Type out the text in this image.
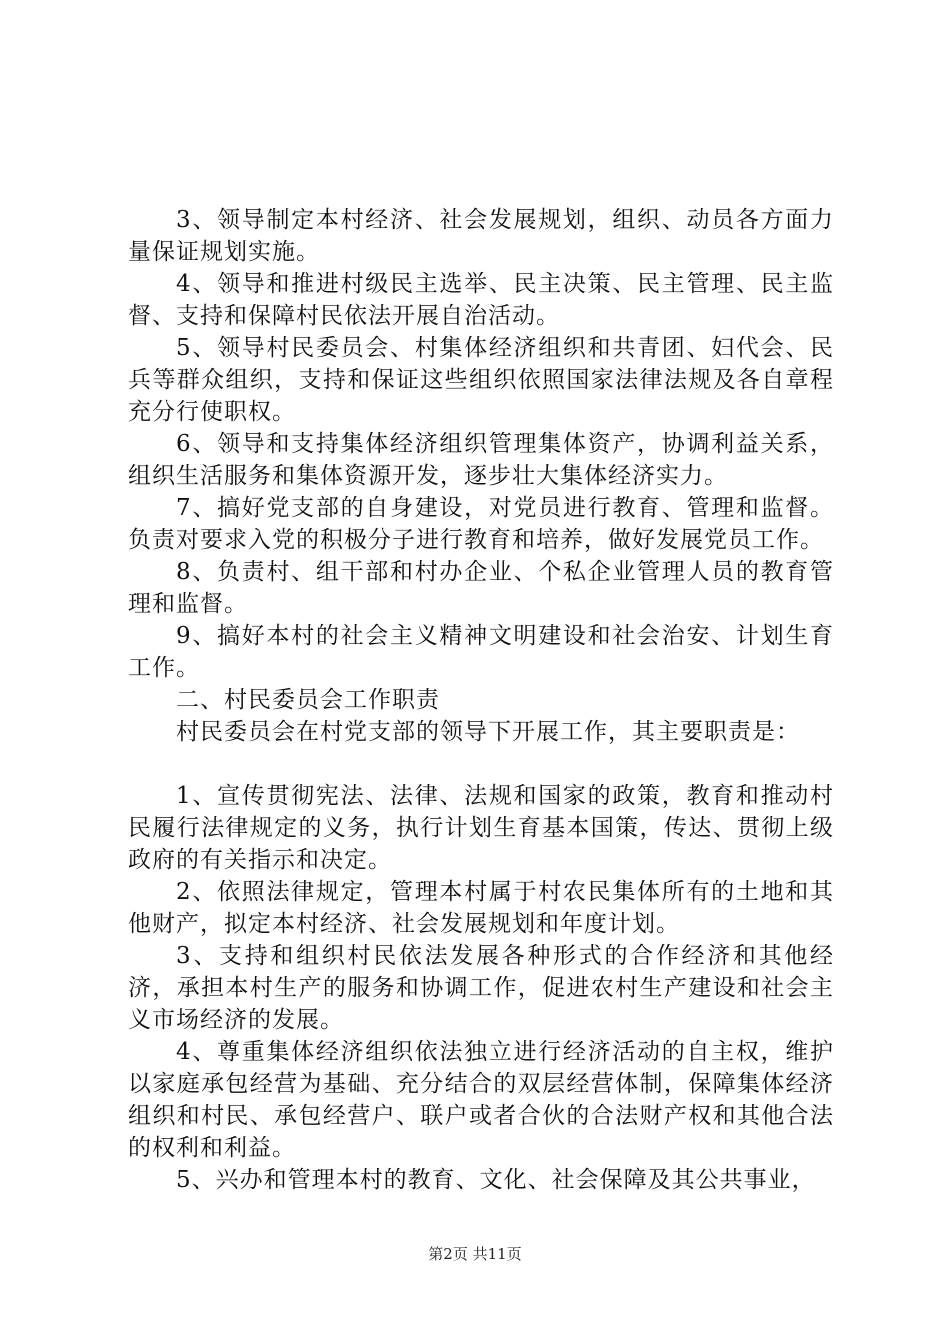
3、领导制定本村经济、社会发展规划，组织、动员各方面力量保证规划实施。

4、领导和推进村级民主选举、民主决策、民主管理、民主监督、支持和保障村民依法开展自治活动。

5、领导村民委员会、村集体经济组织和共青团、妇代会、民兵等群众组织，支持和保证这些组织依照国家法律法规及各自章程充分行使职权。

6、领导和支持集体经济组织管理集体资产，协调利益关系，组织生活服务和集体资源开发，逐步壮大集体经济实力。

7、搞好党支部的自身建设，对党员进行教育、管理和监督。负责对要求入党的积极分子进行教育和培养，做好发展党员工作。

8、负责村、组干部和村办企业、个私企业管理人员的教育管理和监督。

9、搞好本村的社会主义精神文明建设和社会治安、计划生育工作。

二、村民委员会工作职责

村民委员会在村党支部的领导下开展工作，其主要职责是：

1、宣传贯彻宪法、法律、法规和国家的政策，教育和推动村民履行法律规定的义务，执行计划生育基本国策，传达、贯彻上级政府的有关指示和决定。

2、依照法律规定，管理本村属于村农民集体所有的土地和其他财产，拟定本村经济、社会发展规划和年度计划。

3、支持和组织村民依法发展各种形式的合作经济和其他经济，承担本村生产的服务和协调工作，促进农村生产建设和社会主义市场经济的发展。

4、尊重集体经济组织依法独立进行经济活动的自主权，维护以家庭承包经营为基础、充分结合的双层经营体制，保障集体经济组织和村民、承包经营户、联户或者合伙的合法财产权和其他合法的权利和利益。

5、兴办和管理本村的教育、文化、社会保障及其公共事业，

第2页 共11页
